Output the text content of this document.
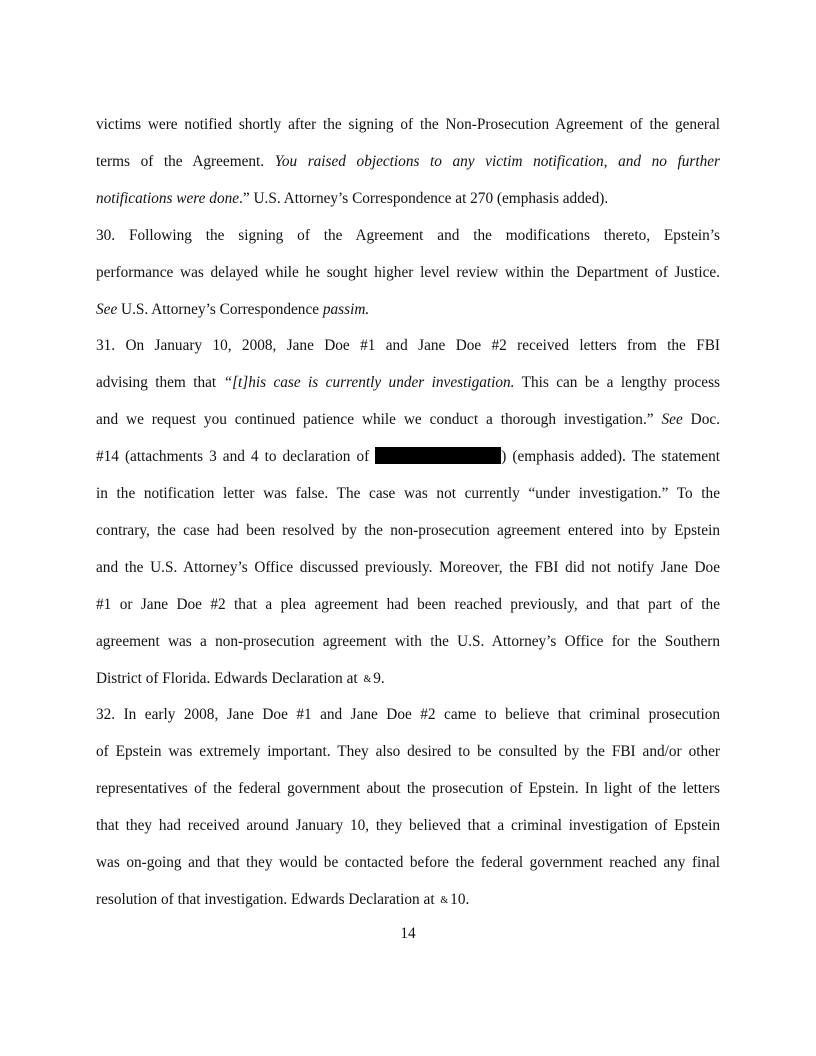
victims were notified shortly after the signing of the Non-Prosecution Agreement of the general
terms of the Agreement. You raised objections to any victim notification, and no further
notifications were done.” U.S. Attorney’s Correspondence at 270 (emphasis added).
30. Following the signing of the Agreement and the modifications thereto, Epstein’s
performance was delayed while he sought higher level review within the Department of Justice.
See U.S. Attorney’s Correspondence passim.
31. On January 10, 2008, Jane Doe #1 and Jane Doe #2 received letters from the FBI
advising them that “[t]his case is currently under investigation. This can be a lengthy process
and we request you continued patience while we conduct a thorough investigation.” See Doc.
#14 (attachments 3 and 4 to declaration of	) (emphasis added). The statement
in the notification letter was false. The case was not currently “under investigation.” To the
contrary, the case had been resolved by the non-prosecution agreement entered into by Epstein
and the U.S. Attorney’s Office discussed previously. Moreover, the FBI did not notify Jane Doe
#1 or Jane Doe #2 that a plea agreement had been reached previously, and that part of the
agreement was a non-prosecution agreement with the U.S. Attorney’s Office for the Southern
District of Florida. Edwards Declaration at & 9.
32. In early 2008, Jane Doe #1 and Jane Doe #2 came to believe that criminal prosecution
of Epstein was extremely important. They also desired to be consulted by the FBI and/or other
representatives of the federal government about the prosecution of Epstein. In light of the letters
that they had received around January 10, they believed that a criminal investigation of Epstein
was on-going and that they would be contacted before the federal government reached any final
resolution of that investigation. Edwards Declaration at & 10.
14
